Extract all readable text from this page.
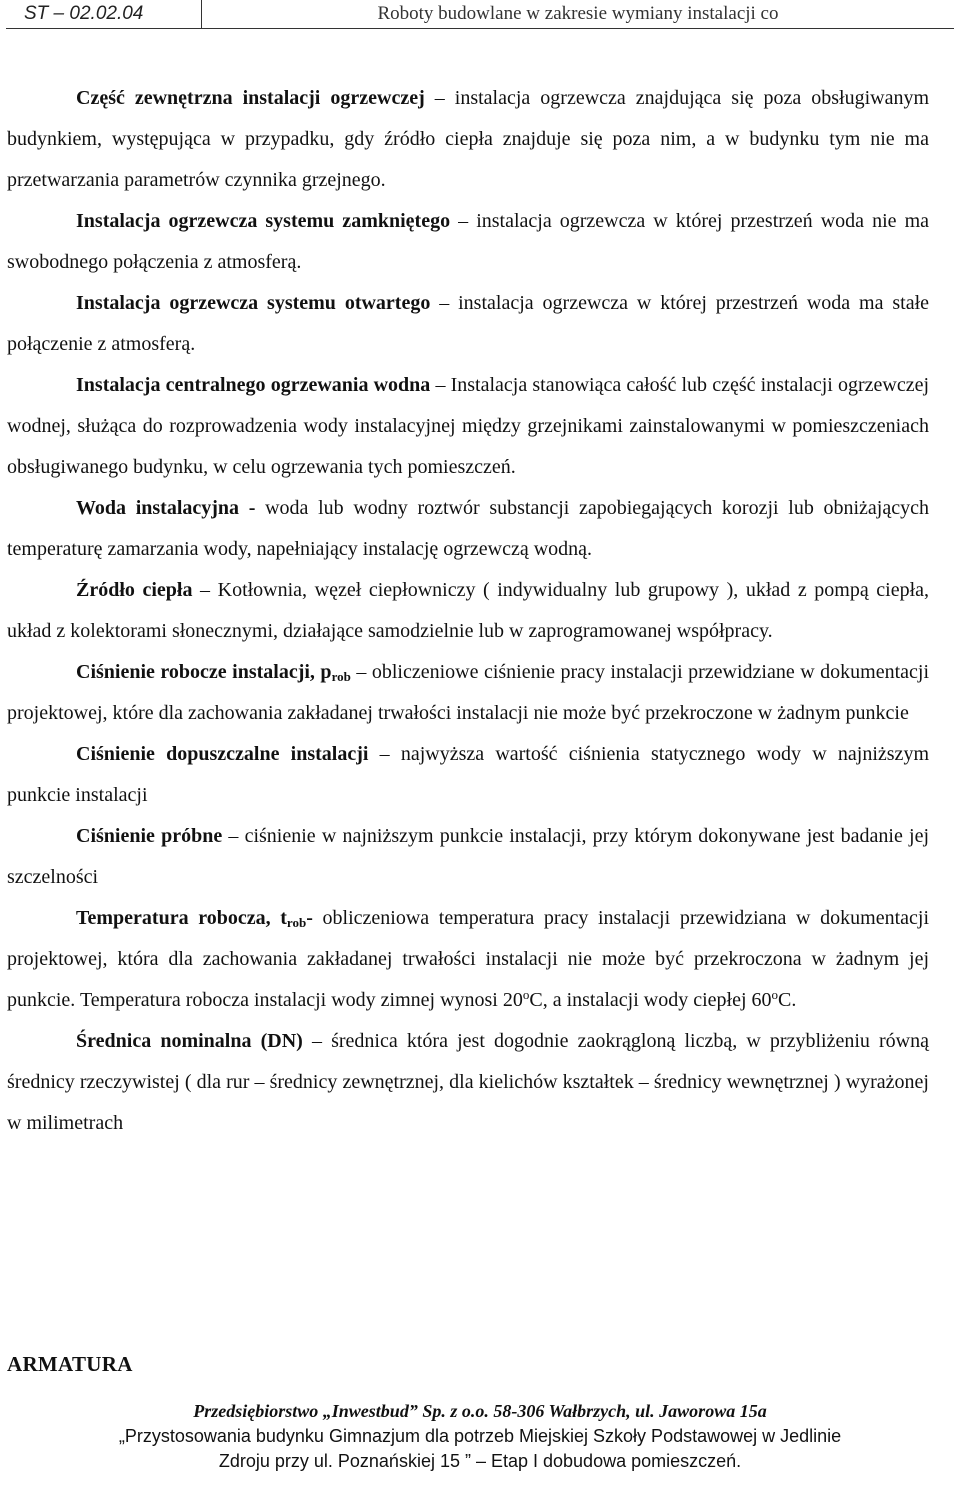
ST – 02.02.04	Roboty budowlane w zakresie wymiany instalacji co

Część zewnętrzna instalacji ogrzewczej – instalacja ogrzewcza znajdująca się poza obsługiwanym budynkiem, występująca w przypadku, gdy źródło ciepła znajduje się poza nim, a w budynku tym nie ma przetwarzania parametrów czynnika grzejnego.

Instalacja ogrzewcza systemu zamkniętego – instalacja ogrzewcza w której przestrzeń woda nie ma swobodnego połączenia z atmosferą.

Instalacja ogrzewcza systemu otwartego – instalacja ogrzewcza w której przestrzeń woda ma stałe połączenie z atmosferą.

Instalacja centralnego ogrzewania wodna – Instalacja stanowiąca całość lub część instalacji ogrzewczej wodnej, służąca do rozprowadzenia wody instalacyjnej między grzejnikami zainstalowanymi w pomieszczeniach obsługiwanego budynku, w celu ogrzewania tych pomieszczeń.

Woda instalacyjna - woda lub wodny roztwór substancji zapobiegających korozji lub obniżających temperaturę zamarzania wody, napełniający instalację ogrzewczą wodną.

Źródło ciepła – Kotłownia, węzeł ciepłowniczy ( indywidualny lub grupowy ), układ z pompą ciepła, układ z kolektorami słonecznymi, działające samodzielnie lub w zaprogramowanej współpracy.

Ciśnienie robocze instalacji, $p_{rob}$ – obliczeniowe ciśnienie pracy instalacji przewidziane w dokumentacji projektowej, które dla zachowania zakładanej trwałości instalacji nie może być przekroczone w żadnym punkcie

Ciśnienie dopuszczalne instalacji – najwyższa wartość ciśnienia statycznego wody w najniższym punkcie instalacji

Ciśnienie próbne – ciśnienie w najniższym punkcie instalacji, przy którym dokonywane jest badanie jej szczelności

Temperatura robocza, $t_{rob}-$ obliczeniowa temperatura pracy instalacji przewidziana w dokumentacji projektowej, która dla zachowania zakładanej trwałości instalacji nie może być przekroczona w żadnym jej punkcie. Temperatura robocza instalacji wody zimnej wynosi 20$^o$C, a instalacji wody ciepłej 60$^o$C.

Średnica nominalna (DN) – średnica która jest dogodnie zaokrągloną liczbą, w przybliżeniu równą średnicy rzeczywistej ( dla rur – średnicy zewnętrznej, dla kielichów kształtek – średnicy wewnętrznej ) wyrażonej w milimetrach

ARMATURA
Przedsiębiorstwo „Inwestbud” Sp. z o.o. 58-306 Wałbrzych, ul. Jaworowa 15a
„Przystosowania budynku Gimnazjum dla potrzeb Miejskiej Szkoły Podstawowej w Jedlinie
Zdroju przy ul. Poznańskiej 15 ” – Etap I dobudowa pomieszczeń.
